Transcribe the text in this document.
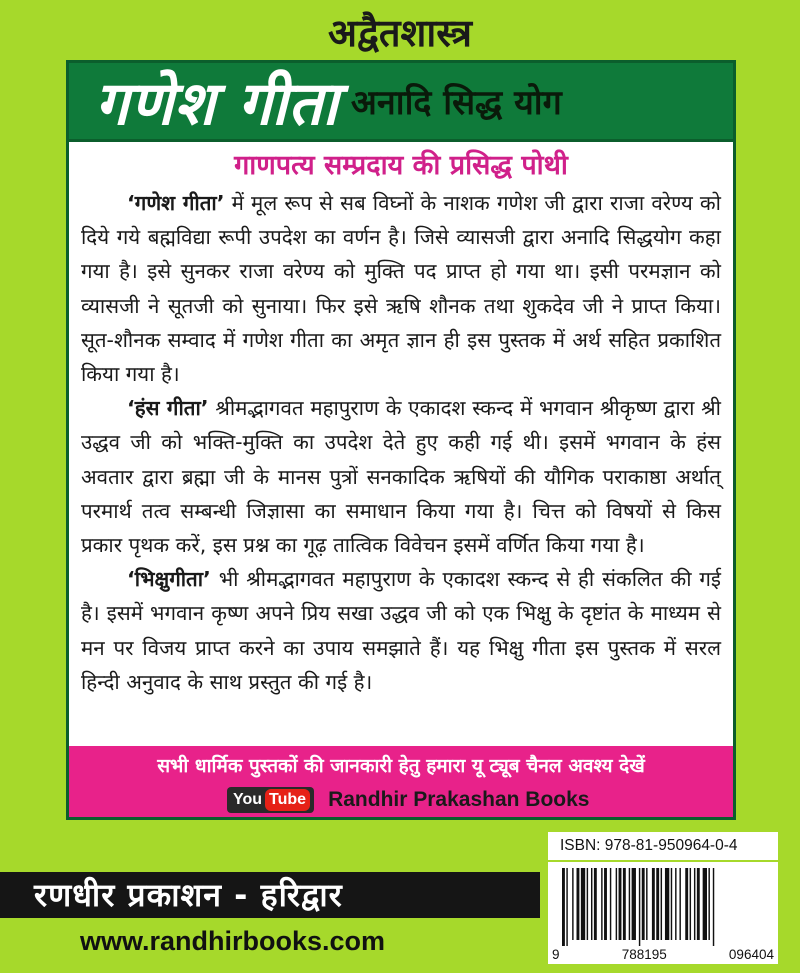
अद्वैतशास्त्र
गणेश गीता अनादि सिद्ध योग
गाणपत्य सम्प्रदाय की प्रसिद्ध पोथी

‘गणेश गीता’ में मूल रूप से सब विघ्नों के नाशक गणेश जी द्वारा राजा वरेण्य को दिये गये बह्मविद्या रूपी उपदेश का वर्णन है। जिसे व्यासजी द्वारा अनादि सिद्धयोग कहा गया है। इसे सुनकर राजा वरेण्य को मुक्ति पद प्राप्त हो गया था। इसी परमज्ञान को व्यासजी ने सूतजी को सुनाया। फिर इसे ऋषि शौनक तथा शुकदेव जी ने प्राप्त किया। सूत-शौनक सम्वाद में गणेश गीता का अमृत ज्ञान ही इस पुस्तक में अर्थ सहित प्रकाशित किया गया है।

‘हंस गीता’ श्रीमद्भागवत महापुराण के एकादश स्कन्द में भगवान श्रीकृष्ण द्वारा श्री उद्धव जी को भक्ति-मुक्ति का उपदेश देते हुए कही गई थी। इसमें भगवान के हंस अवतार द्वारा ब्रह्मा जी के मानस पुत्रों सनकादिक ऋषियों की यौगिक पराकाष्ठा अर्थात् परमार्थ तत्व सम्बन्धी जिज्ञासा का समाधान किया गया है। चित्त को विषयों से किस प्रकार पृथक करें, इस प्रश्न का गूढ़ तात्विक विवेचन इसमें वर्णित किया गया है।

‘भिक्षुगीता’ भी श्रीमद्भागवत महापुराण के एकादश स्कन्द से ही संकलित की गई है। इसमें भगवान कृष्ण अपने प्रिय सखा उद्धव जी को एक भिक्षु के दृष्टांत के माध्यम से मन पर विजय प्राप्त करने का उपाय समझाते हैं। यह भिक्षु गीता इस पुस्तक में सरल हिन्दी अनुवाद के साथ प्रस्तुत की गई है।

सभी धार्मिक पुस्तकों की जानकारी हेतु हमारा यू ट्यूब चैनल अवश्य देखें
You Tube Randhir Prakashan Books
ISBN: 978-81-950964-0-4
9	788195	096404
रणधीर प्रकाशन - हरिद्वार
www.randhirbooks.com
